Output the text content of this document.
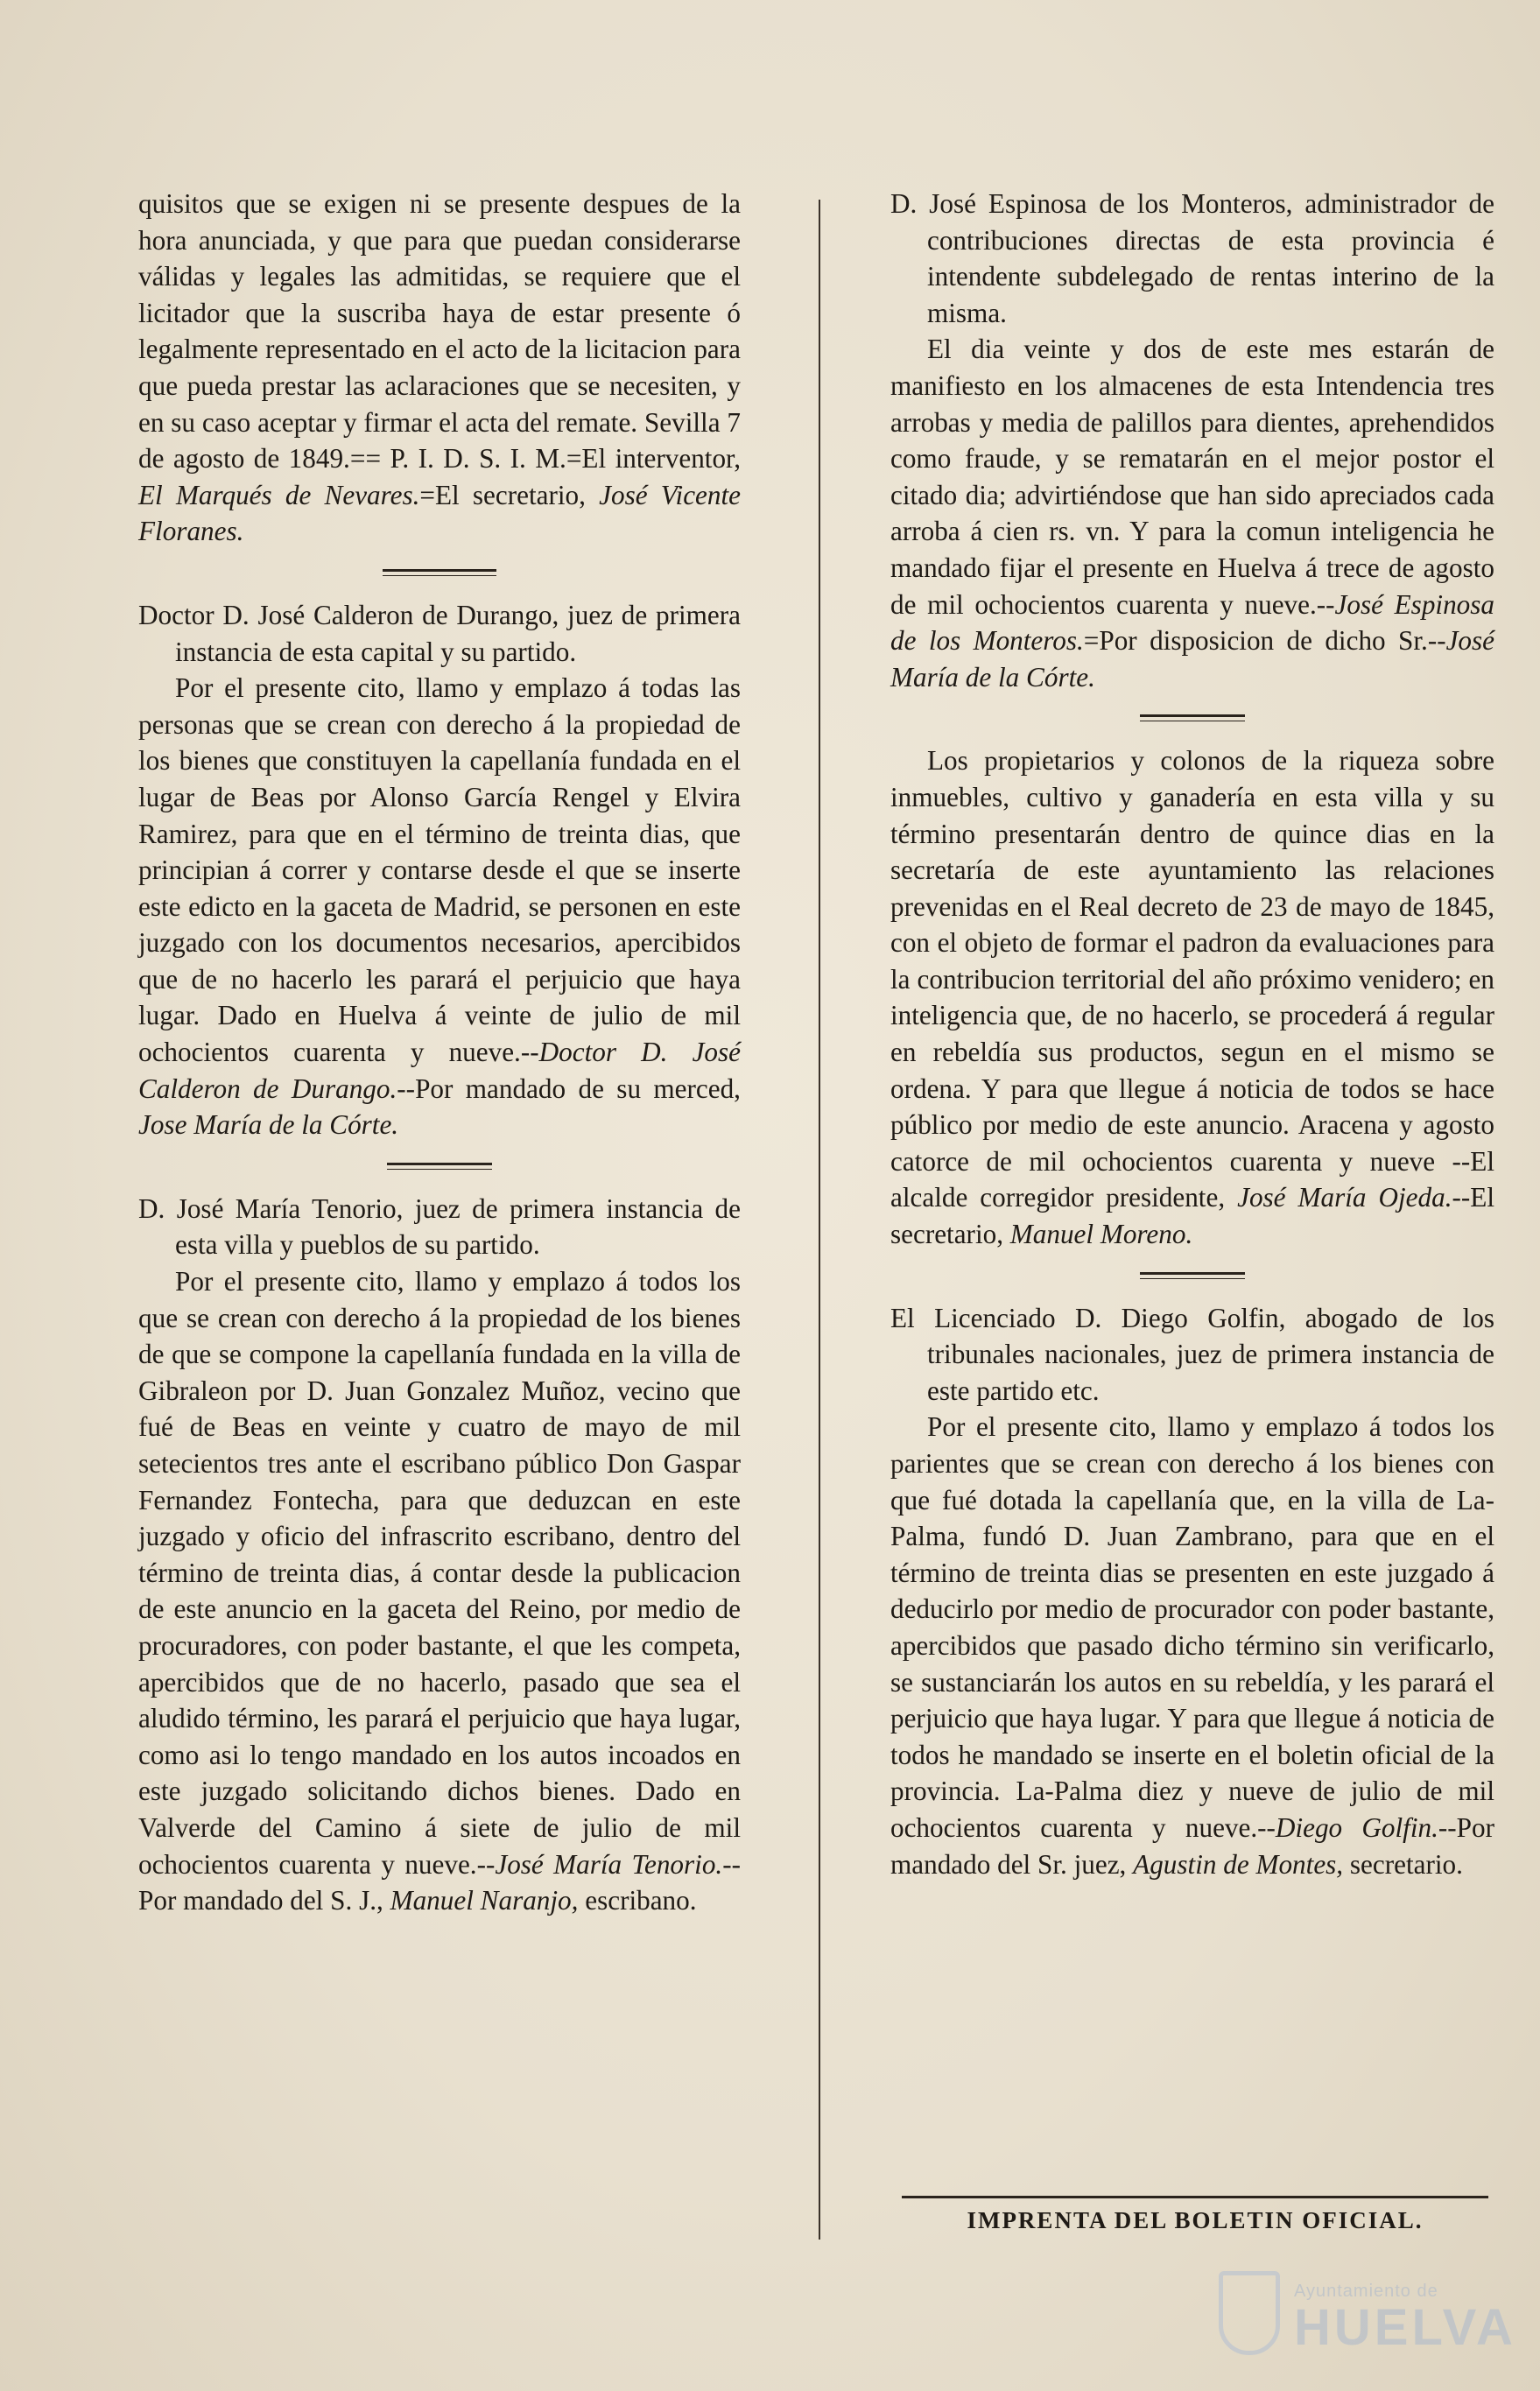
quisitos que se exigen ni se presente despues de la hora anunciada, y que para que puedan considerarse válidas y legales las admitidas, se requiere que el licitador que la suscriba haya de estar presente ó legalmente representado en el acto de la licitacion para que pueda prestar las aclaraciones que se necesiten, y en su caso aceptar y firmar el acta del remate. Sevilla 7 de agosto de 1849.== P. I. D. S. I. M.=El interventor, El Marqués de Nevares.=El secretario, José Vicente Floranes.

Doctor D. José Calderon de Durango, juez de primera instancia de esta capital y su partido.

Por el presente cito, llamo y emplazo á todas las personas que se crean con derecho á la propiedad de los bienes que constituyen la capellanía fundada en el lugar de Beas por Alonso García Rengel y Elvira Ramirez, para que en el término de treinta dias, que principian á correr y contarse desde el que se inserte este edicto en la gaceta de Madrid, se personen en este juzgado con los documentos necesarios, apercibidos que de no hacerlo les parará el perjuicio que haya lugar. Dado en Huelva á veinte de julio de mil ochocientos cuarenta y nueve.--Doctor D. José Calderon de Durango.--Por mandado de su merced, Jose María de la Córte.

D. José María Tenorio, juez de primera instancia de esta villa y pueblos de su partido.

Por el presente cito, llamo y emplazo á todos los que se crean con derecho á la propiedad de los bienes de que se compone la capellanía fundada en la villa de Gibraleon por D. Juan Gonzalez Muñoz, vecino que fué de Beas en veinte y cuatro de mayo de mil setecientos tres ante el escribano público Don Gaspar Fernandez Fontecha, para que deduzcan en este juzgado y oficio del infrascrito escribano, dentro del término de treinta dias, á contar desde la publicacion de este anuncio en la gaceta del Reino, por medio de procuradores, con poder bastante, el que les competa, apercibidos que de no hacerlo, pasado que sea el aludido término, les parará el perjuicio que haya lugar, como asi lo tengo mandado en los autos incoados en este juzgado solicitando dichos bienes. Dado en Valverde del Camino á siete de julio de mil ochocientos cuarenta y nueve.--José María Tenorio.--Por mandado del S. J., Manuel Naranjo, escribano.

D. José Espinosa de los Monteros, administrador de contribuciones directas de esta provincia é intendente subdelegado de rentas interino de la misma.

El dia veinte y dos de este mes estarán de manifiesto en los almacenes de esta Intendencia tres arrobas y media de palillos para dientes, aprehendidos como fraude, y se rematarán en el mejor postor el citado dia; advirtiéndose que han sido apreciados cada arroba á cien rs. vn. Y para la comun inteligencia he mandado fijar el presente en Huelva á trece de agosto de mil ochocientos cuarenta y nueve.--José Espinosa de los Monteros.=Por disposicion de dicho Sr.--José María de la Córte.

Los propietarios y colonos de la riqueza sobre inmuebles, cultivo y ganadería en esta villa y su término presentarán dentro de quince dias en la secretaría de este ayuntamiento las relaciones prevenidas en el Real decreto de 23 de mayo de 1845, con el objeto de formar el padron da evaluaciones para la contribucion territorial del año próximo venidero; en inteligencia que, de no hacerlo, se procederá á regular en rebeldía sus productos, segun en el mismo se ordena. Y para que llegue á noticia de todos se hace público por medio de este anuncio. Aracena y agosto catorce de mil ochocientos cuarenta y nueve --El alcalde corregidor presidente, José María Ojeda.--El secretario, Manuel Moreno.

El Licenciado D. Diego Golfin, abogado de los tribunales nacionales, juez de primera instancia de este partido etc.

Por el presente cito, llamo y emplazo á todos los parientes que se crean con derecho á los bienes con que fué dotada la capellanía que, en la villa de La-Palma, fundó D. Juan Zambrano, para que en el término de treinta dias se presenten en este juzgado á deducirlo por medio de procurador con poder bastante, apercibidos que pasado dicho término sin verificarlo, se sustanciarán los autos en su rebeldía, y les parará el perjuicio que haya lugar. Y para que llegue á noticia de todos he mandado se inserte en el boletin oficial de la provincia. La-Palma diez y nueve de julio de mil ochocientos cuarenta y nueve.--Diego Golfin.--Por mandado del Sr. juez, Agustin de Montes, secretario.

IMPRENTA DEL BOLETIN OFICIAL.
Ayuntamiento de
HUELVA
